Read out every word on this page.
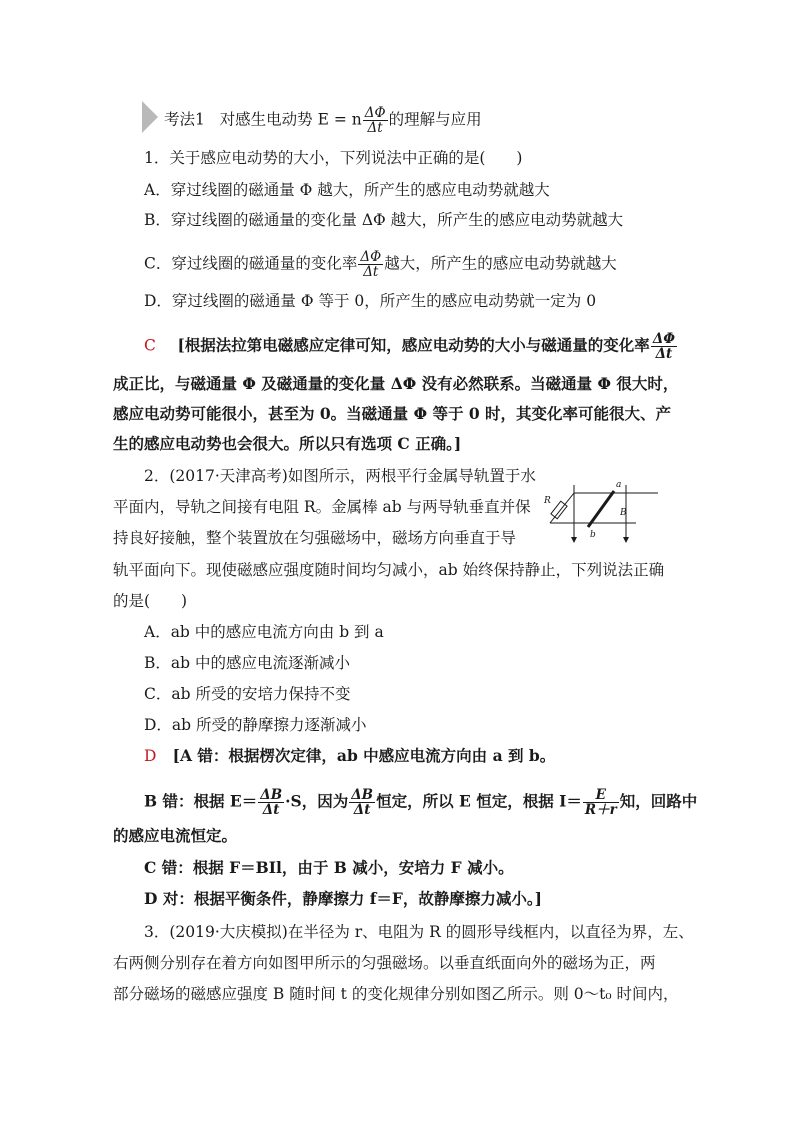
考法1 对感生电动势 E = n $\frac{\Delta\Phi}{\Delta t}$ 的理解与应用
1．关于感应电动势的大小，下列说法中正确的是(　　)
A．穿过线圈的磁通量 Φ 越大，所产生的感应电动势就越大
B．穿过线圈的磁通量的变化量 ΔΦ 越大，所产生的感应电动势就越大
C．穿过线圈的磁通量的变化率 $\frac{\Delta\Phi}{\Delta t}$ 越大，所产生的感应电动势就越大
D．穿过线圈的磁通量 Φ 等于 0，所产生的感应电动势就一定为 0
C [根据法拉第电磁感应定律可知，感应电动势的大小与磁通量的变化率 $\frac{\Delta\Phi}{\Delta t}$
成正比，与磁通量 Φ 及磁通量的变化量 ΔΦ 没有必然联系。当磁通量 Φ 很大时，
感应电动势可能很小，甚至为 0。当磁通量 Φ 等于 0 时，其变化率可能很大、产
生的感应电动势也会很大。所以只有选项 C 正确。]
2．(2017·天津高考)如图所示，两根平行金属导轨置于水
平面内，导轨之间接有电阻 R。金属棒 ab 与两导轨垂直并保
持良好接触，整个装置放在匀强磁场中，磁场方向垂直于导
轨平面向下。现使磁感应强度随时间均匀减小，ab 始终保持静止，下列说法正确
的是(　　)
a
b
R
B
A．ab 中的感应电流方向由 b 到 a
B．ab 中的感应电流逐渐减小
C．ab 所受的安培力保持不变
D．ab 所受的静摩擦力逐渐减小
D [A 错：根据楞次定律，ab 中感应电流方向由 a 到 b。
B 错：根据 $E= \frac{\Delta B}{\Delta t} \cdot S$，因为 $\frac{\Delta B}{\Delta t}$ 恒定，所以 E 恒定，根据 $I= \frac{E}{R+r}$ 知，回路中
的感应电流恒定。
C 错：根据 F＝BIl，由于 B 减小，安培力 F 减小。
D 对：根据平衡条件，静摩擦力 f＝F，故静摩擦力减小。]
3．(2019·大庆模拟)在半径为 r、电阻为 R 的圆形导线框内，以直径为界，左、
右两侧分别存在着方向如图甲所示的匀强磁场。以垂直纸面向外的磁场为正，两
部分磁场的磁感应强度 B 随时间 t 的变化规律分别如图乙所示。则 0～t₀ 时间内，
